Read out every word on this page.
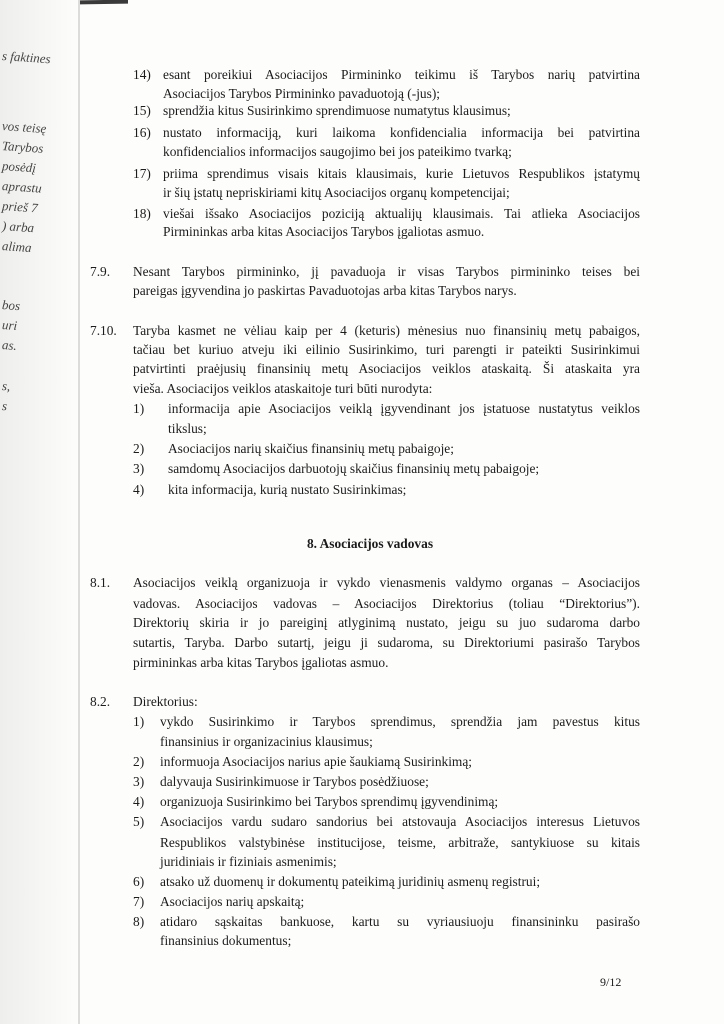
s faktines
vos teisę
Tarybos
posėdį
aprastu
prieš 7
) arba
alima
bos
uri
as.
s,
s
8. Asociacijos vadovas
9/12
14) esant poreikiui Asociacijos Pirmininko teikimu iš Tarybos narių patvirtina
Asociacijos Tarybos Pirmininko pavaduotoją (-jus);
15) sprendžia kitus Susirinkimo sprendimuose numatytus klausimus;
16) nustato informaciją, kuri laikoma konfidencialia informacija bei patvirtina
konfidencialios informacijos saugojimo bei jos pateikimo tvarką;
17) priima sprendimus visais kitais klausimais, kurie Lietuvos Respublikos įstatymų
ir šių įstatų nepriskiriami kitų Asociacijos organų kompetencijai;
18) viešai išsako Asociacijos poziciją aktualijų klausimais. Tai atlieka Asociacijos
Pirmininkas arba kitas Asociacijos Tarybos įgaliotas asmuo.
7.9. Nesant Tarybos pirmininko, jį pavaduoja ir visas Tarybos pirmininko teises bei
pareigas įgyvendina jo paskirtas Pavaduotojas arba kitas Tarybos narys.
7.10. Taryba kasmet ne vėliau kaip per 4 (keturis) mėnesius nuo finansinių metų pabaigos,
tačiau bet kuriuo atveju iki eilinio Susirinkimo, turi parengti ir pateikti Susirinkimui
patvirtinti praėjusių finansinių metų Asociacijos veiklos ataskaitą. Ši ataskaita yra
vieša. Asociacijos veiklos ataskaitoje turi būti nurodyta:
1) informacija apie Asociacijos veiklą įgyvendinant jos įstatuose nustatytus veiklos
tikslus;
2) Asociacijos narių skaičius finansinių metų pabaigoje;
3) samdomų Asociacijos darbuotojų skaičius finansinių metų pabaigoje;
4) kita informacija, kurią nustato Susirinkimas;
8.1. Asociacijos veiklą organizuoja ir vykdo vienasmenis valdymo organas – Asociacijos
vadovas. Asociacijos vadovas – Asociacijos Direktorius (toliau “Direktorius”).
Direktorių skiria ir jo pareiginį atlyginimą nustato, jeigu su juo sudaroma darbo
sutartis, Taryba. Darbo sutartį, jeigu ji sudaroma, su Direktoriumi pasirašo Tarybos
pirmininkas arba kitas Tarybos įgaliotas asmuo.
8.2. Direktorius:
1) vykdo Susirinkimo ir Tarybos sprendimus, sprendžia jam pavestus kitus
finansinius ir organizacinius klausimus;
2) informuoja Asociacijos narius apie šaukiamą Susirinkimą;
3) dalyvauja Susirinkimuose ir Tarybos posėdžiuose;
4) organizuoja Susirinkimo bei Tarybos sprendimų įgyvendinimą;
5) Asociacijos vardu sudaro sandorius bei atstovauja Asociacijos interesus Lietuvos
Respublikos valstybinėse institucijose, teisme, arbitraže, santykiuose su kitais
juridiniais ir fiziniais asmenimis;
6) atsako už duomenų ir dokumentų pateikimą juridinių asmenų registrui;
7) Asociacijos narių apskaitą;
8) atidaro sąskaitas bankuose, kartu su vyriausiuoju finansininku pasirašo
finansinius dokumentus;
